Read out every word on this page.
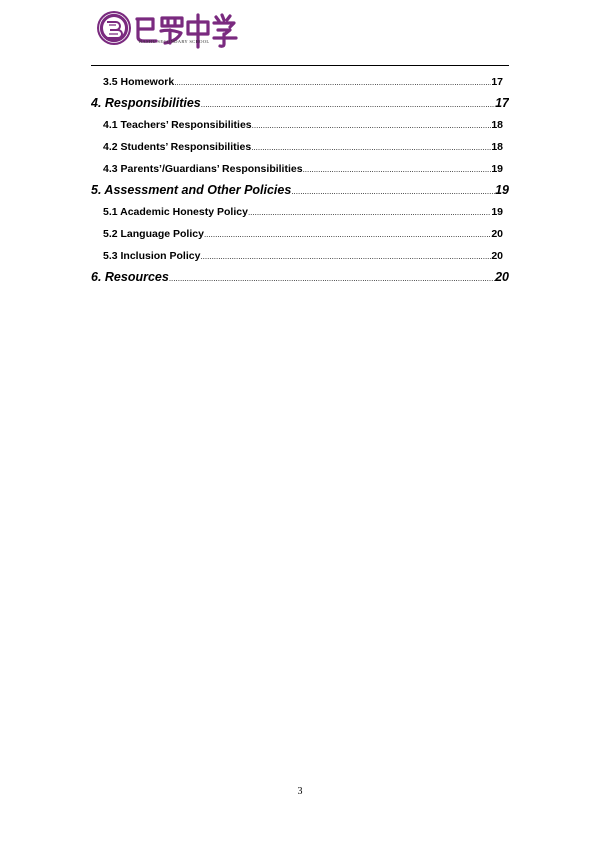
BASHU SECONDARY SCHOOL
3.5 Homework .....	17
4. Responsibilities .....	17
4.1 Teachers’ Responsibilities .....	18
4.2 Students’ Responsibilities .....	18
4.3 Parents’/Guardians’ Responsibilities .....	19
5. Assessment and Other Policies .....	19
5.1 Academic Honesty Policy .....	19
5.2 Language Policy .....	20
5.3 Inclusion Policy .....	20
6. Resources .....	20
3
